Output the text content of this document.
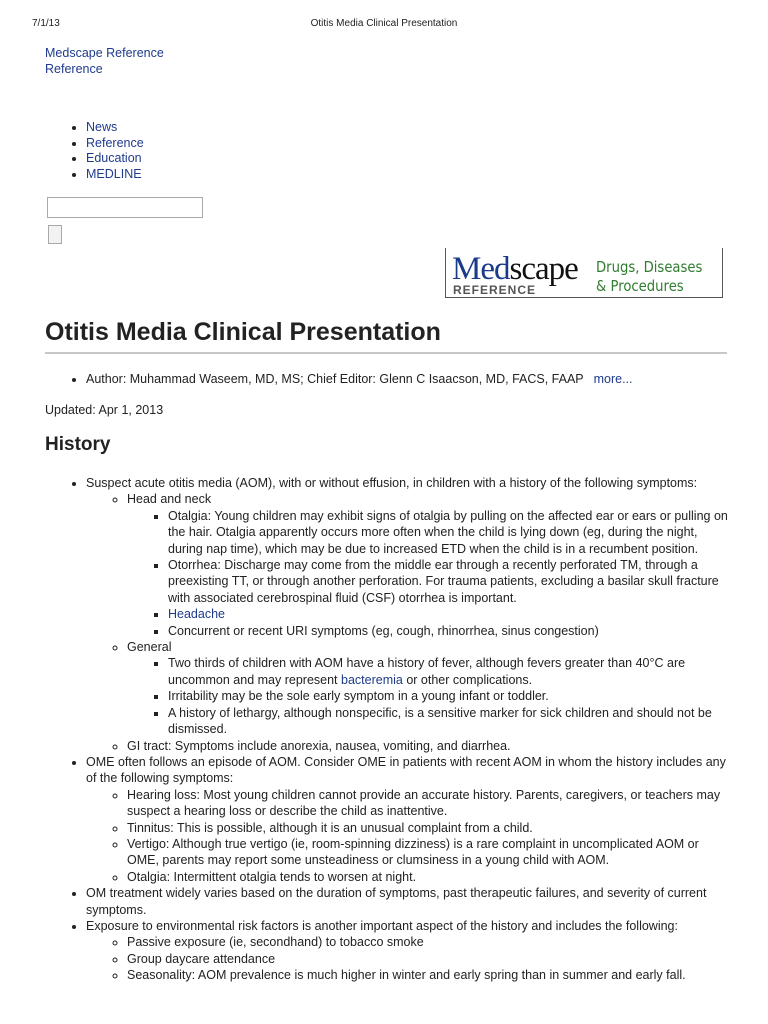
7/1/13	Otitis Media Clinical Presentation
Medscape Reference
Reference
• News
• Reference
• Education
• MEDLINE
Medscape
REFERENCE
Drugs, Diseases
& Procedures
Otitis Media Clinical Presentation
• Author: Muhammad Waseem, MD, MS; Chief Editor: Glenn C Isaacson, MD, FACS, FAAP more...
Updated: Apr 1, 2013
History
• Suspect acute otitis media (AOM), with or without effusion, in children with a history of the following symptoms:
◦ Head and neck
▪ Otalgia: Young children may exhibit signs of otalgia by pulling on the affected ear or ears or pulling on the hair. Otalgia apparently occurs more often when the child is lying down (eg, during the night, during nap time), which may be due to increased ETD when the child is in a recumbent position.
▪ Otorrhea: Discharge may come from the middle ear through a recently perforated TM, through a preexisting TT, or through another perforation. For trauma patients, excluding a basilar skull fracture with associated cerebrospinal fluid (CSF) otorrhea is important.
▪ Headache
▪ Concurrent or recent URI symptoms (eg, cough, rhinorrhea, sinus congestion)
◦ General
▪ Two thirds of children with AOM have a history of fever, although fevers greater than 40°C are uncommon and may represent bacteremia or other complications.
▪ Irritability may be the sole early symptom in a young infant or toddler.
▪ A history of lethargy, although nonspecific, is a sensitive marker for sick children and should not be dismissed.
◦ GI tract: Symptoms include anorexia, nausea, vomiting, and diarrhea.
• OME often follows an episode of AOM. Consider OME in patients with recent AOM in whom the history includes any of the following symptoms:
◦ Hearing loss: Most young children cannot provide an accurate history. Parents, caregivers, or teachers may suspect a hearing loss or describe the child as inattentive.
◦ Tinnitus: This is possible, although it is an unusual complaint from a child.
◦ Vertigo: Although true vertigo (ie, room-spinning dizziness) is a rare complaint in uncomplicated AOM or OME, parents may report some unsteadiness or clumsiness in a young child with AOM.
◦ Otalgia: Intermittent otalgia tends to worsen at night.
• OM treatment widely varies based on the duration of symptoms, past therapeutic failures, and severity of current symptoms.
• Exposure to environmental risk factors is another important aspect of the history and includes the following:
◦ Passive exposure (ie, secondhand) to tobacco smoke
◦ Group daycare attendance
◦ Seasonality: AOM prevalence is much higher in winter and early spring than in summer and early fall.
